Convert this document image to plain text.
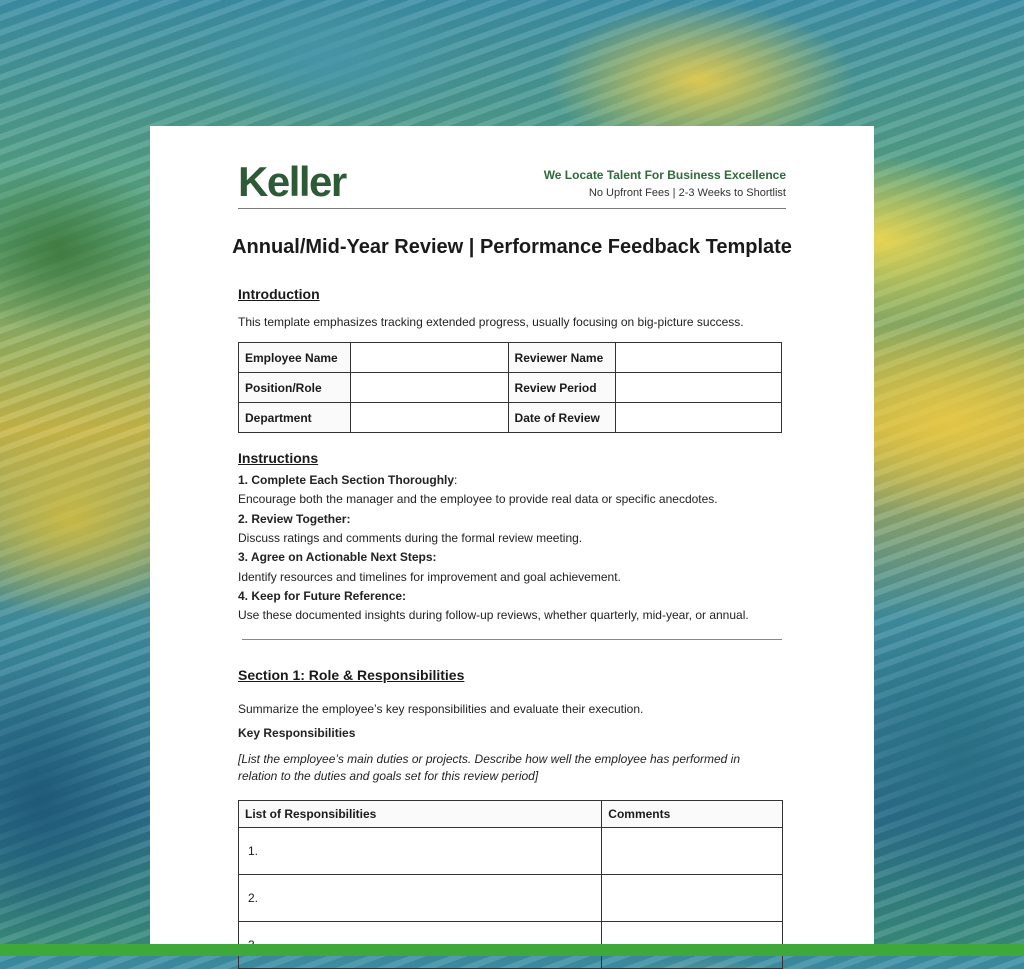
Keller	We Locate Talent For Business Excellence
No Upfront Fees | 2-3 Weeks to Shortlist
Annual/Mid-Year Review | Performance Feedback Template
Introduction
This template emphasizes tracking extended progress, usually focusing on big-picture success.
Employee Name		Reviewer Name	
Position/Role		Review Period	
Department		Date of Review	
Instructions
1. Complete Each Section Thoroughly:
Encourage both the manager and the employee to provide real data or specific anecdotes.
2. Review Together:
Discuss ratings and comments during the formal review meeting.
3. Agree on Actionable Next Steps:
Identify resources and timelines for improvement and goal achievement.
4. Keep for Future Reference:
Use these documented insights during follow-up reviews, whether quarterly, mid-year, or annual.
Section 1: Role & Responsibilities
Summarize the employee’s key responsibilities and evaluate their execution.
Key Responsibilities
[List the employee’s main duties or projects. Describe how well the employee has performed in relation to the duties and goals set for this review period]
List of Responsibilities	Comments
1.	
2.	
